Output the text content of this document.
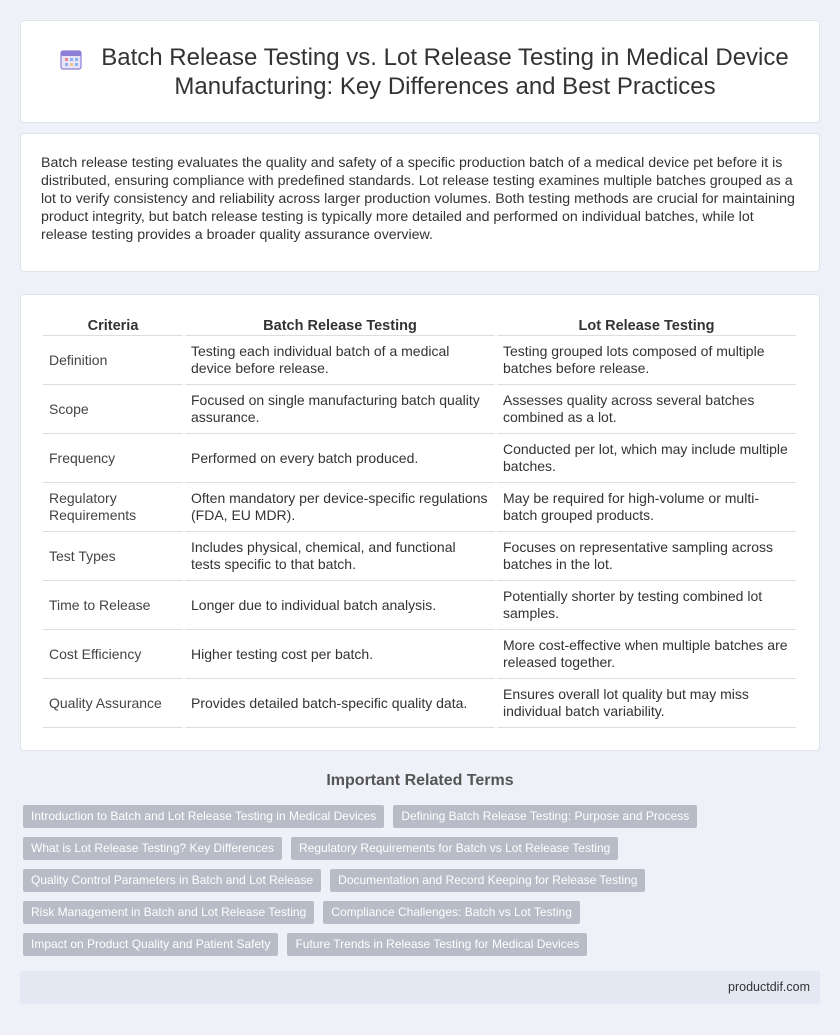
Batch Release Testing vs. Lot Release Testing in Medical Device Manufacturing: Key Differences and Best Practices

Batch release testing evaluates the quality and safety of a specific production batch of a medical device pet before it is distributed, ensuring compliance with predefined standards. Lot release testing examines multiple batches grouped as a lot to verify consistency and reliability across larger production volumes. Both testing methods are crucial for maintaining product integrity, but batch release testing is typically more detailed and performed on individual batches, while lot release testing provides a broader quality assurance overview.

Criteria	Batch Release Testing	Lot Release Testing
Definition	Testing each individual batch of a medical device before release.	Testing grouped lots composed of multiple batches before release.
Scope	Focused on single manufacturing batch quality assurance.	Assesses quality across several batches combined as a lot.
Frequency	Performed on every batch produced.	Conducted per lot, which may include multiple batches.
Regulatory Requirements	Often mandatory per device-specific regulations (FDA, EU MDR).	May be required for high-volume or multi-batch grouped products.
Test Types	Includes physical, chemical, and functional tests specific to that batch.	Focuses on representative sampling across batches in the lot.
Time to Release	Longer due to individual batch analysis.	Potentially shorter by testing combined lot samples.
Cost Efficiency	Higher testing cost per batch.	More cost-effective when multiple batches are released together.
Quality Assurance	Provides detailed batch-specific quality data.	Ensures overall lot quality but may miss individual batch variability.
Important Related Terms
Introduction to Batch and Lot Release Testing in Medical Devices	Defining Batch Release Testing: Purpose and Process
What is Lot Release Testing? Key Differences	Regulatory Requirements for Batch vs Lot Release Testing
Quality Control Parameters in Batch and Lot Release	Documentation and Record Keeping for Release Testing
Risk Management in Batch and Lot Release Testing	Compliance Challenges: Batch vs Lot Testing
Impact on Product Quality and Patient Safety	Future Trends in Release Testing for Medical Devices
productdif.com
